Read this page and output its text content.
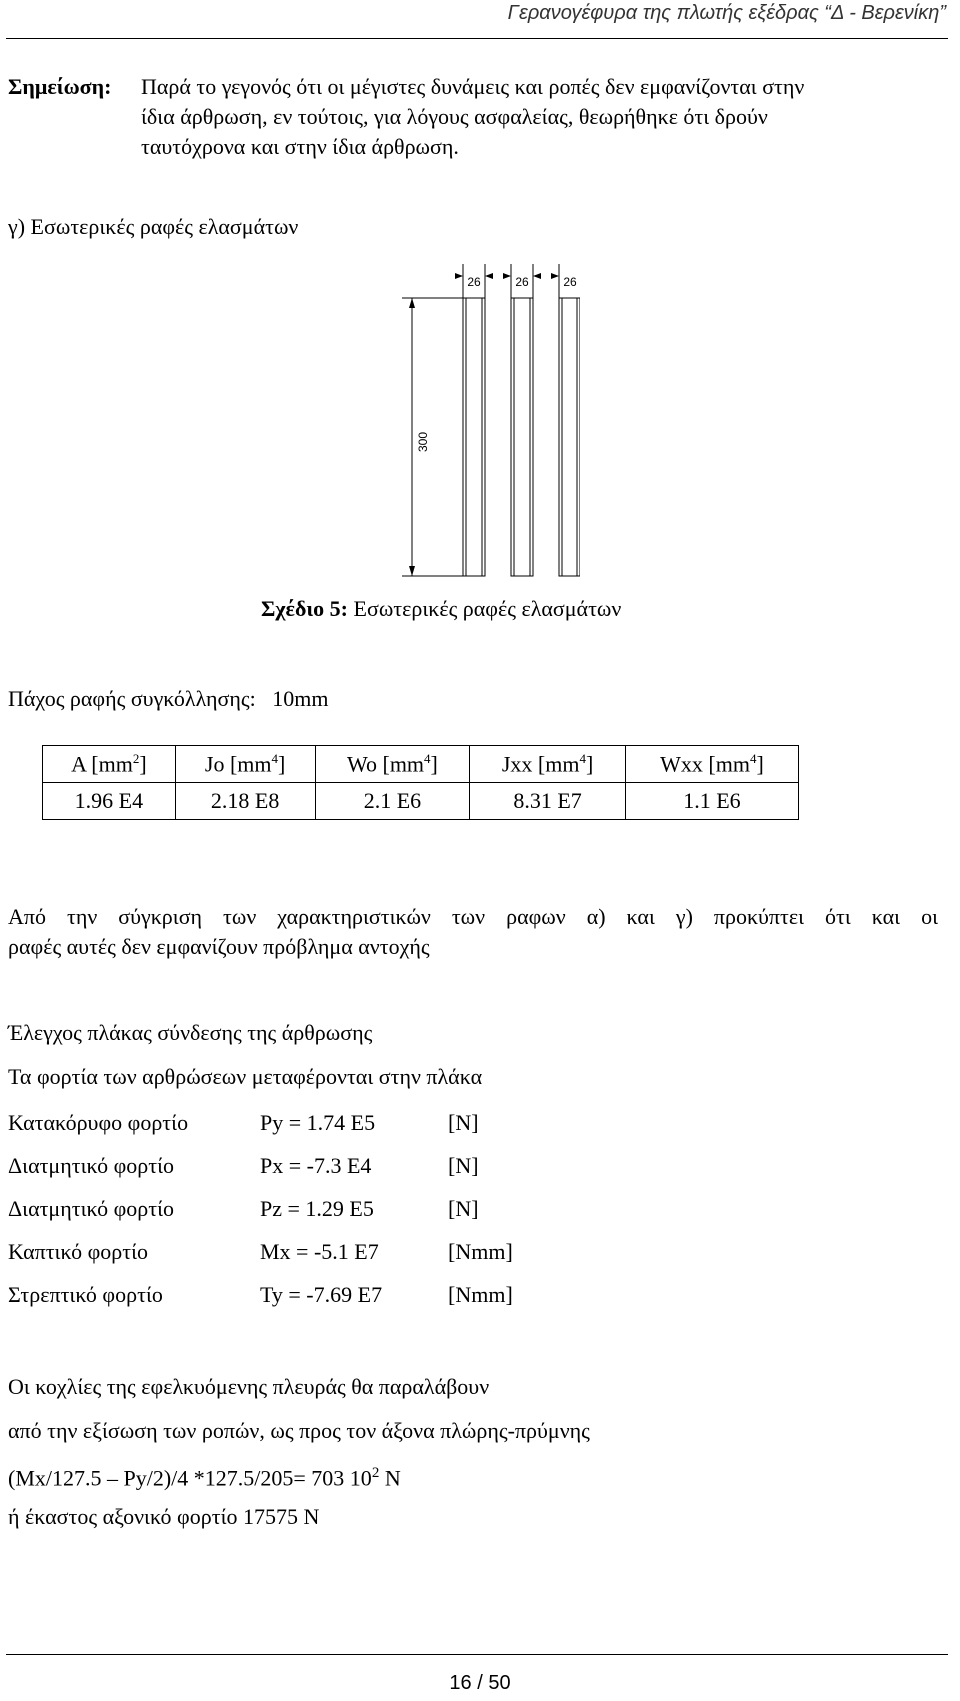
Γερανογέφυρα της πλωτής εξέδρας “Δ - Βερενίκη”
Σημείωση: Παρά το γεγονός ότι οι μέγιστες δυνάμεις και ροπές δεν εμφανίζονται στην
ίδια άρθρωση, εν τούτοις, για λόγους ασφαλείας, θεωρήθηκε ότι δρούν
ταυτόχρονα και στην ίδια άρθρωση.
γ) Εσωτερικές ραφές ελασμάτων
26	26	26
300
Σχέδιο 5: Εσωτερικές ραφές ελασμάτων
Πάχος ραφής συγκόλλησης:   10mm
A $[mm^2]$	Jo $[mm^4]$	Wo $[mm^4]$	Jxx $[mm^4]$	Wxx $[mm^4]$
1.96 E4	2.18 E8	2.1 E6	8.31 E7	1.1 E6
Από την σύγκριση των χαρακτηριστικών των ραφων α) και γ) προκύπτει ότι και οι
ραφές αυτές δεν εμφανίζουν πρόβλημα αντοχής
Έλεγχος πλάκας σύνδεσης της άρθρωσης
Τα φορτία των αρθρώσεων μεταφέρονται στην πλάκα
Κατακόρυφο φορτίο	Py = 1.74 E5	[N]
Διατμητικό φορτίο	Px = -7.3 E4	[N]
Διατμητικό φορτίο	Pz = 1.29 E5	[N]
Καπτικό φορτίο	Mx = -5.1 E7	[Nmm]
Στρεπτικό φορτίο	Ty = -7.69 E7	[Nmm]
Οι κοχλίες της εφελκυόμενης πλευράς θα παραλάβουν
από την εξίσωση των ροπών, ως προς τον άξονα πλώρης-πρύμνης
(Mx/127.5 – Py/2)/4 *127.5/205= 703 $10^2$ N
ή έκαστος αξονικό φορτίο 17575 N
16 / 50
